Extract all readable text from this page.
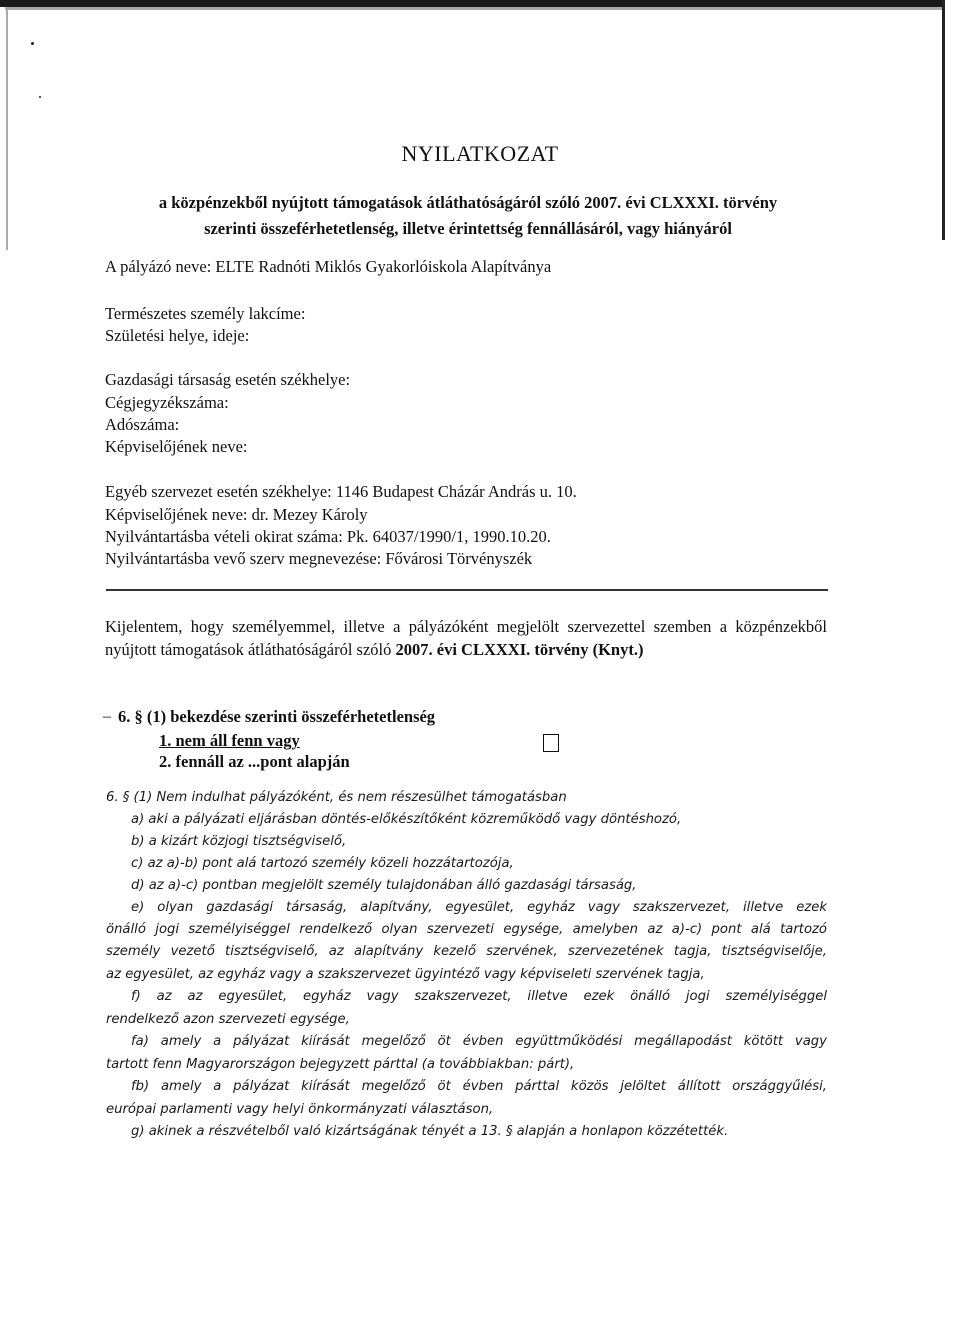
NYILATKOZAT
a közpénzekből nyújtott támogatások átláthatóságáról szóló 2007. évi CLXXXI. törvény
szerinti összeférhetetlenség, illetve érintettség fennállásáról, vagy hiányáról
A pályázó neve: ELTE Radnóti Miklós Gyakorlóiskola Alapítványa
Természetes személy lakcíme:
Születési helye, ideje:
Gazdasági társaság esetén székhelye:
Cégjegyzékszáma:
Adószáma:
Képviselőjének neve:
Egyéb szervezet esetén székhelye: 1146 Budapest Cházár András u. 10.
Képviselőjének neve: dr. Mezey Károly
Nyilvántartásba vételi okirat száma: Pk. 64037/1990/1, 1990.10.20.
Nyilvántartásba vevő szerv megnevezése: Fővárosi Törvényszék
Kijelentem, hogy személyemmel, illetve a pályázóként megjelölt szervezettel szemben a közpénzekből nyújtott támogatások átláthatóságáról szóló 2007. évi CLXXXI. törvény (Knyt.)
– 6. § (1) bekezdése szerinti összeférhetetlenség
1. nem áll fenn vagy
2. fennáll az ...pont alapján
6. § (1) Nem indulhat pályázóként, és nem részesülhet támogatásban
a) aki a pályázati eljárásban döntés-előkészítőként közreműködő vagy döntéshozó,
b) a kizárt közjogi tisztségviselő,
c) az a)-b) pont alá tartozó személy közeli hozzátartozója,
d) az a)-c) pontban megjelölt személy tulajdonában álló gazdasági társaság,
e) olyan gazdasági társaság, alapítvány, egyesület, egyház vagy szakszervezet, illetve ezek
önálló jogi személyiséggel rendelkező olyan szervezeti egysége, amelyben az a)-c) pont alá tartozó
személy vezető tisztségviselő, az alapítvány kezelő szervének, szervezetének tagja, tisztségviselője,
az egyesület, az egyház vagy a szakszervezet ügyintéző vagy képviseleti szervének tagja,
f) az az egyesület, egyház vagy szakszervezet, illetve ezek önálló jogi személyiséggel
rendelkező azon szervezeti egysége,
fa) amely a pályázat kiírását megelőző öt évben együttműködési megállapodást kötött vagy
tartott fenn Magyarországon bejegyzett párttal (a továbbiakban: párt),
fb) amely a pályázat kiírását megelőző öt évben párttal közös jelöltet állított országgyűlési,
európai parlamenti vagy helyi önkormányzati választáson,
g) akinek a részvételből való kizártságának tényét a 13. § alapján a honlapon közzétették.
